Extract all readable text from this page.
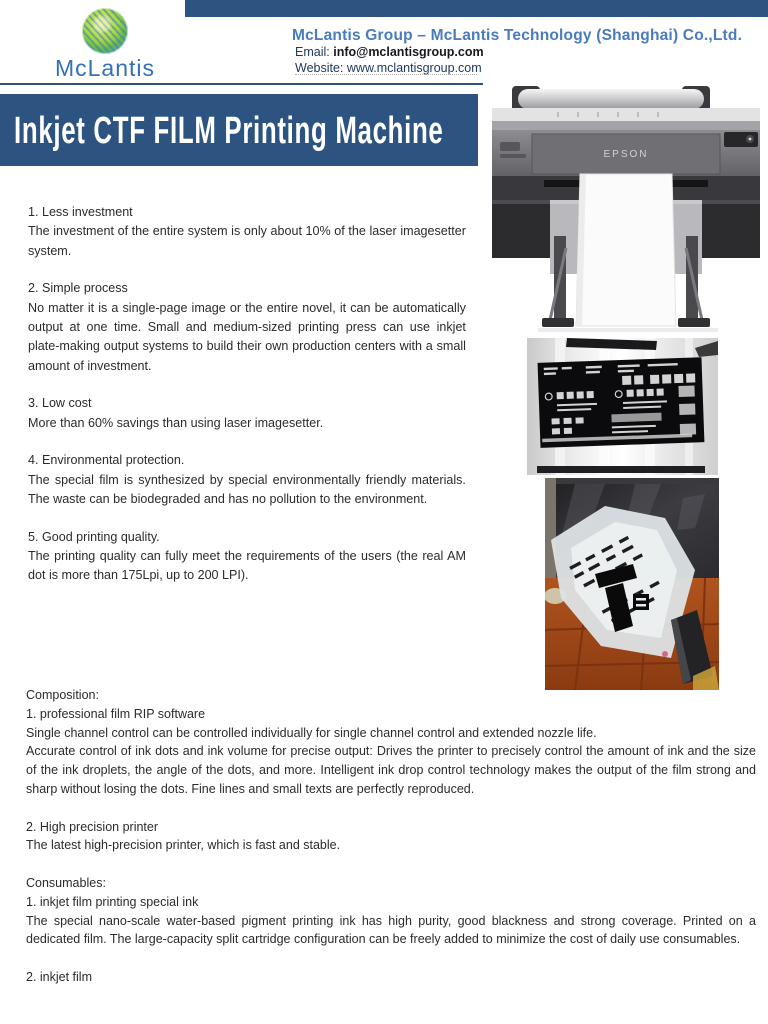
McLantis
McLantis Group – McLantis Technology (Shanghai) Co.,Ltd.
Email: info@mclantisgroup.com
Website: www.mclantisgroup.com
Inkjet CTF FILM Printing Machine
EPSON
1. Less investment
The investment of the entire system is only about 10% of the laser imagesetter system.
2. Simple process
No matter it is a single-page image or the entire novel, it can be automatically output at one time. Small and medium-sized printing press can use inkjet plate-making output systems to build their own production centers with a small amount of investment.
3. Low cost
More than 60% savings than using laser imagesetter.
4. Environmental protection.
The special film is synthesized by special environmentally friendly materials. The waste can be biodegraded and has no pollution to the environment.
5. Good printing quality.
The printing quality can fully meet the requirements of the users (the real AM dot is more than 175Lpi, up to 200 LPI).
Composition:
1. professional film RIP software
Single channel control can be controlled individually for single channel control and extended nozzle life.
Accurate control of ink dots and ink volume for precise output: Drives the printer to precisely control the amount of ink and the size of the ink droplets, the angle of the dots, and more. Intelligent ink drop control technology makes the output of the film strong and sharp without losing the dots. Fine lines and small texts are perfectly reproduced.
2. High precision printer
The latest high-precision printer, which is fast and stable.
Consumables:
1. inkjet film printing special ink
The special nano-scale water-based pigment printing ink has high purity, good blackness and strong coverage. Printed on a dedicated film. The large-capacity split cartridge configuration can be freely added to minimize the cost of daily use consumables.
2. inkjet film
